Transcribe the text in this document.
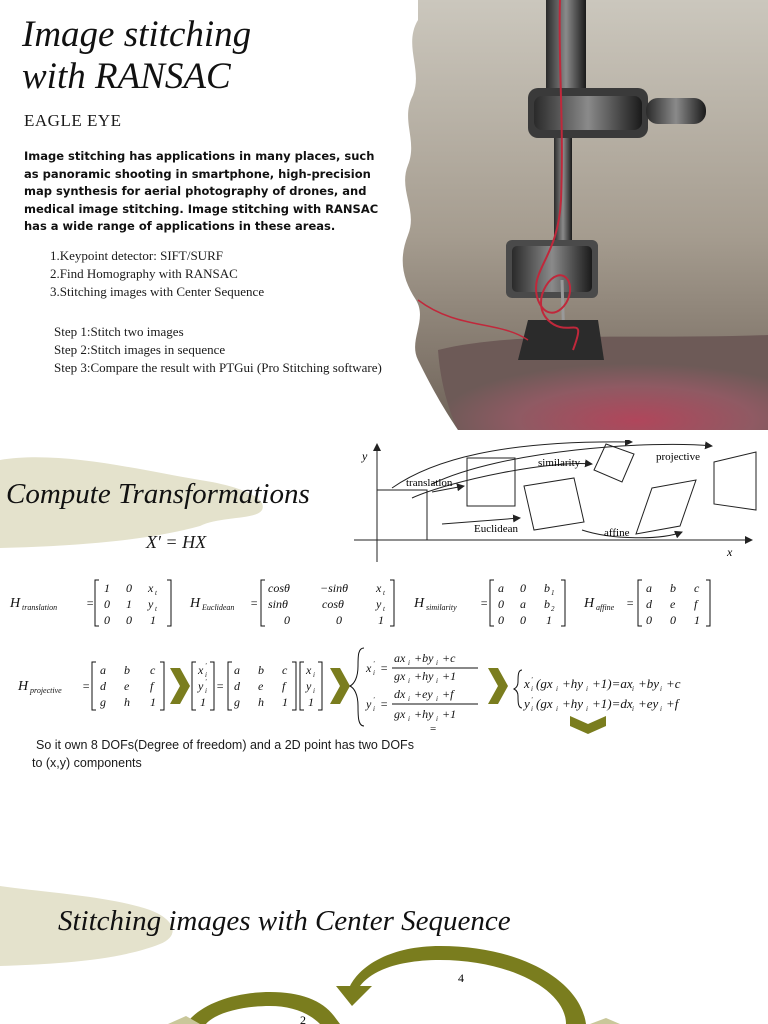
Image stitching
with RANSAC
EAGLE EYE
Image stitching has applications in many places, such as panoramic shooting in smartphone, high-precision map synthesis for aerial photography of drones, and medical image stitching. Image stitching with RANSAC has a wide range of applications in these areas.
1.Keypoint detector: SIFT/SURF
2.Find Homography with RANSAC
3.Stitching images with Center Sequence
Step 1:Stitch two images
Step 2:Stitch images in sequence
Step 3:Compare the result with PTGui (Pro Stitching software)
Compute Transformations
X′ = HX
y
x
translation
Euclidean
similarity
affine
projective
H translation =
1 0 x t
0 1 y t
0 0 1
H Euclidean =
cosθ	−sinθ x t
sinθ	cosθ	y t
0	0	1
H similarity =
a 0 b 1
0 a b 2
0 0 1
H affine =
a b c
d e f
0 0 1
H projective =
a b c
d e f
g h 1
x '
i
y '
i
1
=
a b c
d e f
g h 1
x i
y i
1
x '
i =
ax i +by i +c
gx i +hy i +1
y '
i =
dx i +ey i +f
gx i +hy i +1
=
x '
i (gx i +hy i +1)=ax i +by i +c
y '
i (gx i +hy i +1)=dx i +ey i +f
So it own 8 DOFs(Degree of freedom) and a 2D point has two DOFs
to (x,y) components
Stitching images with Center Sequence
4
2
